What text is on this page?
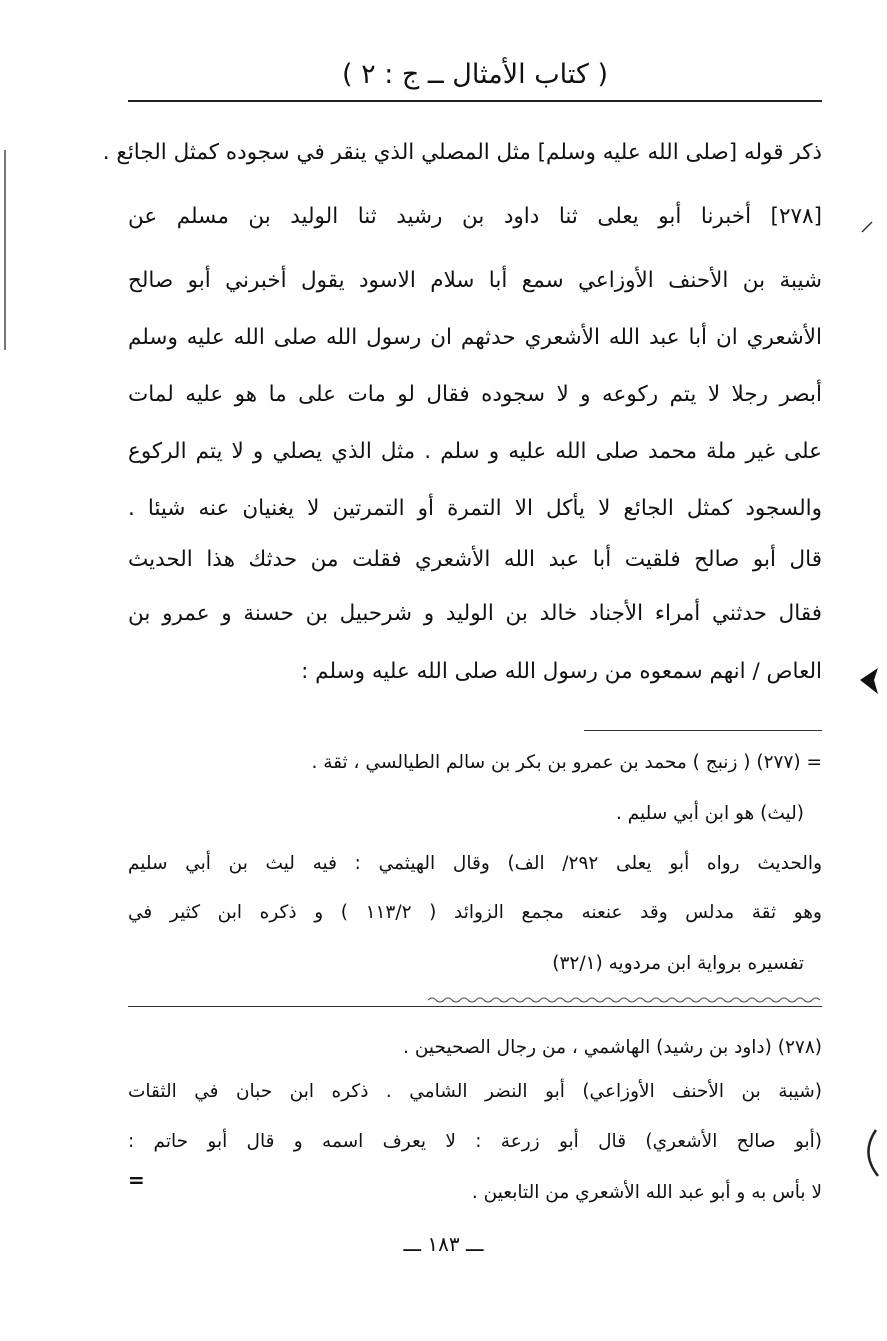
( كتاب الأمثال ــ ج : ٢ )
ذكر قوله [صلى الله عليه وسلم] مثل المصلي الذي ينقر في سجوده كمثل الجائع .
[٢٧٨] أخبرنا أبو يعلى ثنا داود بن رشيد ثنا الوليد بن مسلم عن
شيبة بن الأحنف الأوزاعي سمع أبا سلام الاسود يقول أخبرني أبو صالح
الأشعري ان أبا عبد الله الأشعري حدثهم ان رسول الله صلى الله عليه وسلم
أبصر رجلا لا يتم ركوعه و لا سجوده فقال لو مات على ما هو عليه لمات
على غير ملة محمد صلى الله عليه و سلم . مثل الذي يصلي و لا يتم الركوع
والسجود كمثل الجائع لا يأكل الا التمرة أو التمرتين لا يغنيان عنه شيئا .
قال أبو صالح فلقيت أبا عبد الله الأشعري فقلت من حدثك هذا الحديث
فقال حدثني أمراء الأجناد خالد بن الوليد و شرحبيل بن حسنة و عمرو بن
العاص / انهم سمعوه من رسول الله صلى الله عليه وسلم :
= (٢٧٧) ( زنبج ) محمد بن عمرو بن بكر بن سالم الطيالسي ، ثقة .
(ليث) هو ابن أبي سليم .
والحديث رواه أبو يعلى ٢٩٢/ الف) وقال الهيثمي : فيه ليث بن أبي سليم
وهو ثقة مدلس وقد عنعنه مجمع الزوائد ( ١١٣/٢ ) و ذكره ابن كثير في
تفسيره برواية ابن مردويه (٣٢/١)
(٢٧٨) (داود بن رشيد) الهاشمي ، من رجال الصحيحين .
(شيبة بن الأحنف الأوزاعي) أبو النضر الشامي . ذكره ابن حبان في الثقات
(أبو صالح الأشعري) قال أبو زرعة : لا يعرف اسمه و قال أبو حاتم :
لا بأس به و أبو عبد الله الأشعري من التابعين .
=
ـــ ١٨٣ ـــ
